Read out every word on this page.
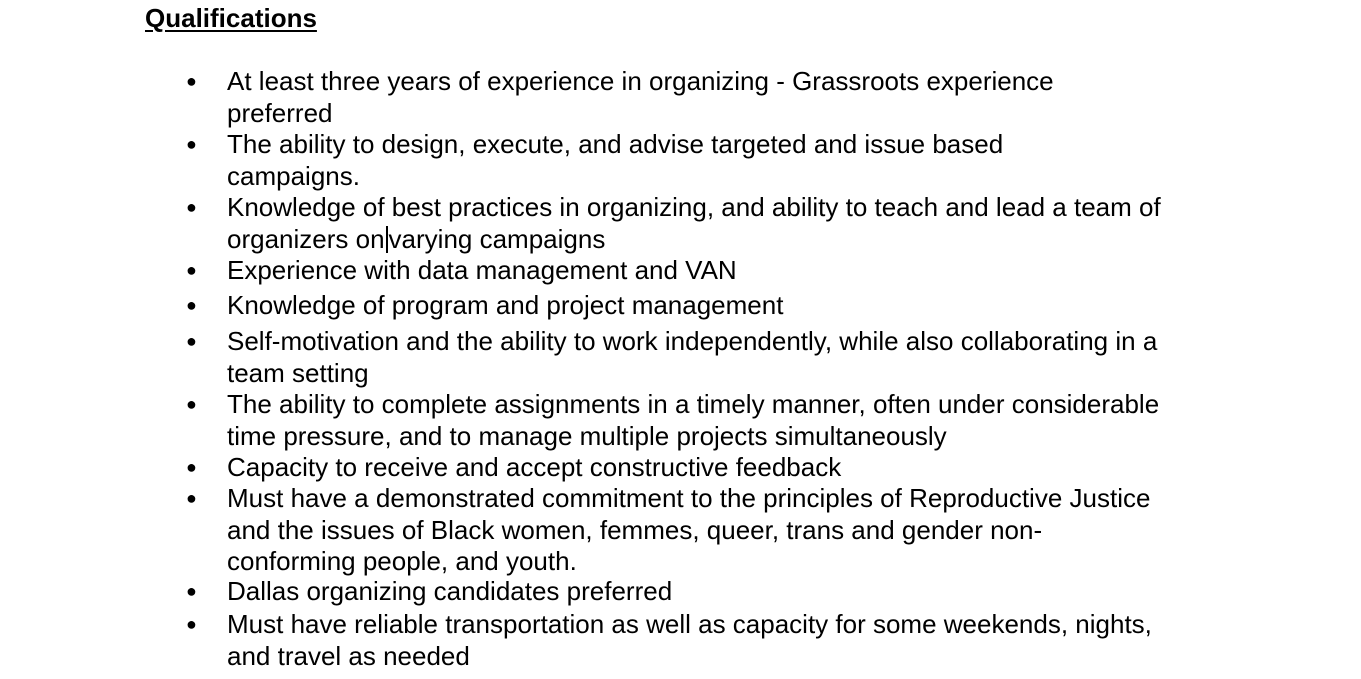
Qualifications
● At least three years of experience in organizing - Grassroots experience preferred
● The ability to design, execute, and advise targeted and issue based campaigns.
● Knowledge of best practices in organizing, and ability to teach and lead a team of organizers on varying campaigns
● Experience with data management and VAN
● Knowledge of program and project management
● Self-motivation and the ability to work independently, while also collaborating in a team setting
● The ability to complete assignments in a timely manner, often under considerable time pressure, and to manage multiple projects simultaneously
● Capacity to receive and accept constructive feedback
● Must have a demonstrated commitment to the principles of Reproductive Justice and the issues of Black women, femmes, queer, trans and gender non-conforming people, and youth.
● Dallas organizing candidates preferred
● Must have reliable transportation as well as capacity for some weekends, nights, and travel as needed
